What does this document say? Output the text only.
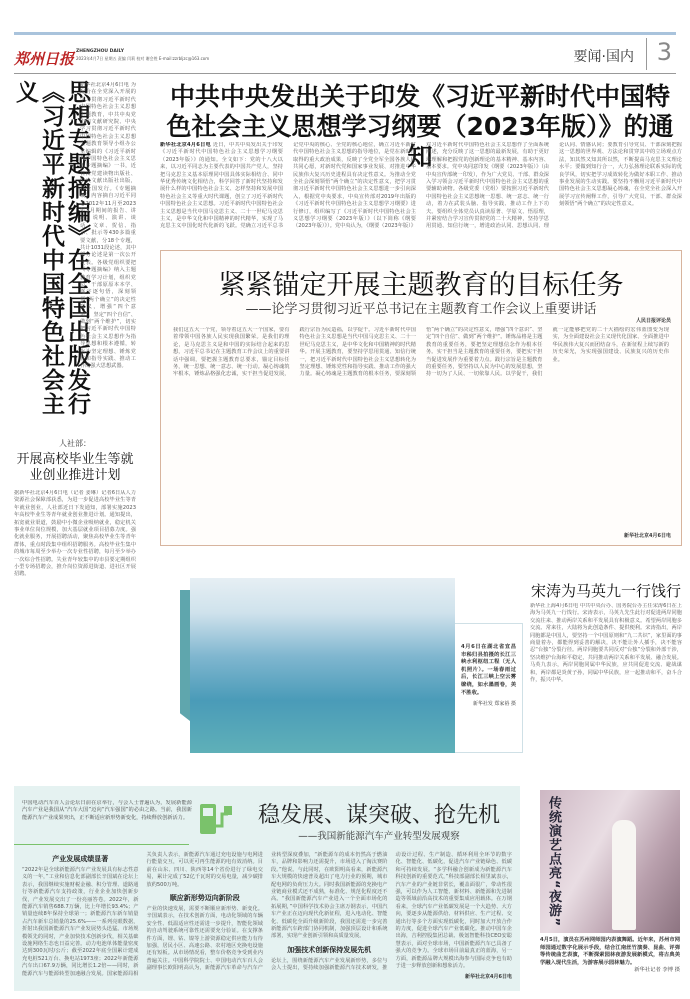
郑州日报 ZHENGZHOU DAILY
2023年4月7日 星期五 责编 闫莉 校对 谢会胜 E-mail:zzrbljzc@163.com	要闻·国内 3
思想专题摘编》在全国出版发行《习近平新时代中国特色社会主义	新华社北京4月6日电 为配合在全党深入开展的学习贯彻习近平新时代中国特色社会主义思想主题教育，中共中央党史和文献研究院、中央学习贯彻习近平新时代中国特色社会主义思想主题教育领导小组办公室编辑的《习近平新时代中国特色社会主义思想专题摘编》一书，近日由党建读物出版社、中央文献出版社出版，在全国发行。《专题摘编》内容摘自习近平同志2012年11月至2023年3月期间的报告、讲话、说明、演讲、谈话、文章、贺信、指示、批示等430多篇重要文献，分18个专题，共计1031段论述，其中部分论述是第一次公开发表。各级党组织要把《专题摘编》纳入主题教育学习计划，组织党员、干部原原本本学、逐字逐句悟，深刻领悟“两个确立”的决定性意义，增强“四个意识”、坚定“四个自信”、做到“两个维护”，切实把习近平新时代中国特色社会主义思想作为指导思想和根本遵循，转化为坚定理想、锤炼党性和指导实践、推动工作的强大思想武器。
人社部：
开展高校毕业生等就业创业推进计划
据新华社北京4月6日电（记者 姜琳）记者6日从人力资源社会保障部获悉，为进一步促进高校毕业生等青年就业创业，人社部近日下发通知，部署实施2023年高校毕业生等青年就业创业推进计划。通知提出，拓宽就业渠道，鼓励中小微企业吸纳就业，稳定机关事业单位岗位规模，加大基层就业项目招募力度。强化就业服务，开展招聘活动，聚焦高校毕业生等青年群体，重点时段集中组织招聘服务。高校毕业生集中的城市每周至少举办一次专业性招聘，每月至少举办一次综合性招聘。失业青年较集中的市县要定期组织小型专场招聘会，推介岗位资源进街道、进社区开展招聘。
中共中央发出关于印发《习近平新时代中国特色社会主义思想学习纲要（2023年版）》的通知
新华社北京4月6日电 近日，中共中央发出关于印发《习近平新时代中国特色社会主义思想学习纲要（2023年版）》的通知。全文如下：党的十八大以来，以习近平同志为主要代表的中国共产党人，坚持把马克思主义基本原理同中国具体实际相结合、同中华优秀传统文化相结合，科学回答了新时代坚持和发展什么样的中国特色社会主义、怎样坚持和发展中国特色社会主义等重大时代课题，创立了习近平新时代中国特色社会主义思想。习近平新时代中国特色社会主义思想是当代中国马克思主义、二十一世纪马克思主义，是中华文化和中国精神的时代精华，实现了马克思主义中国化时代化新的飞跃。党确立习近平总书记党中央的核心、全党的核心地位，确立习近平新时代中国特色社会主义思想的指导地位，是党在新时代取得的重大政治成果，反映了全党全军全国各族人民共同心愿，对新时代党和国家事业发展、对推进中华民族伟大复兴历史进程具有决定性意义。为推动全党全社会深刻领悟“两个确立”的决定性意义，把学习贯彻习近平新时代中国特色社会主义思想进一步引向深入，根据党中央要求，中央宣传部对2019年出版的《习近平新时代中国特色社会主义思想学习纲要》进行修订，组织编写了《习近平新时代中国特色社会主义思想学习纲要（2023年版）》（以下简称《纲要（2023年版）》）。党中央认为，《纲要（2023年版）》对习近平新时代中国特色社会主义思想作了全面系统阐述，充分反映了这一思想的最新发展，有助于更好地理解和把握党的创新理论的基本精神、基本内容、基本要求。党中央同意印发《纲要（2023年版）》（由中央宣传部统一印发），作为广大党员、干部、群众深入学习领会习近平新时代中国特色社会主义思想的重要辅助读物。各级党委（党组）要按照习近平新时代中国特色社会主义思想统一思想、统一意志、统一行动，着力在武装头脑、指导实践、推动工作上下功夫。要组织全体党员认真读原著、学原文、悟原理，并紧密结合学习宣传贯彻党的二十大精神，坚持学思用贯通、知信行统一，增进政治认同、思想认同、理论认同、情感认同；要教育引导党员、干部深刻把握这一思想的世界观、方法论和贯穿其中的立场观点方法，知其然又知其所以然，不断提高马克思主义理论水平；要做到知行合一，大力弘扬理论联系实际的优良学风，切实把学习成效转化为做好本职工作、推动事业发展的生动实践。要坚持不懈用习近平新时代中国特色社会主义思想凝心铸魂，在全党全社会深入开展学习宣传阐释工作，引导广大党员、干部、群众深刻领悟“两个确立”的决定性意义。
紧紧锚定开展主题教育的目标任务
——论学习贯彻习近平总书记在主题教育工作会议上重要讲话
人民日报评论员
我们这五大一个党，领导着这五大一个国家，要有着带领中国各族人民实现我国繁荣。是我们的理论，是马克思主义是和中国的实际结合起来的思想，习近平总书记在主题教育工作会议上的重要讲话中强调，要把握主题教育总要求，锚定目标任务，统一思想、统一意志、统一行动。凝心铸魂筑牢根本，锤炼品格强化忠诚，实干担当促进发展，践行宗旨为民造福，以学促干。习近平新时代中国特色社会主义思想是当代中国马克思主义、二十一世纪马克思主义，是中华文化和中国精神的时代精华。开展主题教育，要坚持学思用贯通、知信行统一，把习近平新时代中国特色社会主义思想转化为坚定理想、锤炼党性和指导实践、推动工作的强大力量。凝心铸魂是主题教育的根本任务，要深刻领悟“两个确立”的决定性意义，增强“四个意识”、坚定“四个自信”、做到“两个维护”。锤炼品格是主题教育的重要任务，要把坚定理想信念作为根本任务。实干担当是主题教育的重要任务，要把实干担当促进发展作为重要着力点。践行宗旨是主题教育的重要任务，要坚持以人民为中心的发展思想，坚持一切为了人民、一切依靠人民。以学促干，我们就一定能够把党的二十大描绘的宏伟蓝图变为现实，为全面建设社会主义现代化国家、全面推进中华民族伟大复兴而团结奋斗，在新征程上续写新的历史荣光，为实现强国建设、民族复兴的历史伟业。
新华社北京4月6日电
4月6日在湖北省宜昌市秭归县拍摄的长江三峡水利枢纽工程（无人机照片）。一场春雨过后，长江三峡上空云雾缭绕，如水墨画卷，美不胜收。
新华社发 郑家裕 摄
宋涛为马英九一行饯行
新华社上海4月6日电 中共中央台办、国务院台办主任宋涛6日在上海为马英九一行饯行。宋涛表示，马英九先生此行对促进两岸同胞交流往来、推动两岸关系和平发展具有积极意义。希望两岸同胞多交流、常来往，大陆将为此创造条件、提供便利。宋涛指出，两岸同胞都是中国人，要坚持一个中国原则和“九二共识”，家里面的事商量着办，都能得到妥善的解决，决不能让外人插手，决不能容忍“台独”分裂行径。两岸同胞要共同反对“台独”分裂和外部干涉，坚决维护台海和平稳定，共同推动两岸关系和平发展、融合发展。马英九表示，两岸同胞同属中华民族，应共同促进交流、避战谋和，两岸都是炎黄子孙，同属中华民族，应一起推动和平，奋斗合作，振兴中华。
中国电动汽车百人会论坛日前在京举行，与会人士普遍认为，发展新能源汽车产业是我国从“汽车大国”迈向“汽车强国”的必由之路。当前，我国新能源汽车产业成果突出，正不断适应新形势新变化，持续释放创新活力。	稳发展、谋突破、抢先机
——我国新能源汽车产业转型发展观察
产业发展成绩显著
“2022年是全球新能源汽车产业发展具有标志性意义的一年，”工业和信息化部副部长辛国斌在论坛上表示，我国继续实施财税金融、积分管理、道路通行等新能源汽车支持政策，行业企业加快创新步伐，产业发展交出了一份亮丽答卷。2022年，新能源汽车销售688.7万辆，比上年增长93.4%；产销量连续8年保持全球第一；新能源汽车新车销量占汽车新车总销量的25.6%——一系列亮眼数据，折射出我国新能源汽车产业发展势头迅猛。市场规模领先的同时，产业加快技术创新步伐，相关基础设施网络生态也日益完善。动力电池单体能量密度达到300瓦时/公斤；截至2022年底全国累计建成充电桩521万台、换电站1973座；2022年新能源汽车出口67.9万辆，同比增长1.2倍——同时，新能源汽车与能源转型加速融合发展。国家能源局相关负责人表示，新能源汽车通过充电设施与电网进行能量交互，可以更可再生能源的电有效消纳。目前在山东、四川、陕西等14个省份进行了绿电交易，累计完成了52亿千瓦时的交易电量，减少碳排放约500万吨。
顺应新形势迈向新阶段
产业的快速发展，需要不断顺应新形势、新变化。辛国斌表示，在技术创新方面，电动化领域的车辆安全性、低温适应性还需进一步提升，智能化领域的自动驾驶系统可靠性还需要充分验证。在支撑条件方面，锂、钴、镍等上游资源稳定供应能力有待加强，居民小区、高速公路、农村地区充换电设施还有短板。从市场情况看，整车价格竞争受到业内普遍关注。中国科学院院士、中国电动汽车百人会副理事长欧阳明高认为，新能源汽车革命与汽车产业转型深度叠加，“新能源车的成本仍然高于燃油车，品牌和影响力还需提升，市场进入了淘汰赛阶段。”他说。与此同时，在欧阳明高看来，新能源汽车大规模的快速普及超出了电力行业的预期，城市配电网的负荷压力大。同时我国新能源的充换电产业链商业模式还不成熟，标准化、规范化程度还不高。“我国新能源汽车产业进入一个全面市场化的拓展期，”中国科学技术协会主席万钢表示，中国汽车产业正在迈向现代化新征程，进入电动化、智能化、低碳化全面升级新阶段，我国还需进一步完善新能源汽车跨部门协同机制，加强顶层设计和系统部署，实现产业创新引领和高质量发展。
加强技术创新保持发展先机
论坛上，围绕新能源汽车产业发展新形势，多位与会人士提出，要持续加强新能源汽车技术研发，推动设计过程、生产制造、循环利用全环节的数字化、智能化、低碳化，促进汽车产业链绿色、低碳和可持续发展。“多学科融合创新成为新能源汽车科技创新的重要范式，”科技部副部长相里斌表示，汽车产业的产业链非常长，覆盖面很广，带动性很强，可以作为人工智能、新材料、新能源和先进制造等领域前沿高技术的重要集成应用载体。在万钢看来，全球汽车产业低碳发展是一个大趋势、大方向，要逐步从能源供给、材料供应、生产过程、交通出行等多个方面实现低碳化，同时加大开放合作的力度，促进全球汽车产业低碳化。推动中国车企出海，吉利控股集团总裁、极氪智能科技CEO安聪慧表示，面对全球市场，中国新能源汽车已具备了强大的竞争力。全球市场目前最真正的蓝海，另一方面，新能源品牌大规模出海参与国际竞争也有助于进一步释放创新和想象活力。
新华社北京4月6日电
传统演艺点亮“夜游”
4月5日，演员在苏州网师园内表演舞蹈。近年来，苏州市网师园通过数字化展示手段，结合江南丝竹演奏、昆曲、评弹等传统曲艺表演，不断探索园林夜游发展新模式，将古典美学融入现代生活，为游客展示园林魅力。
新华社记者 李博 摄
